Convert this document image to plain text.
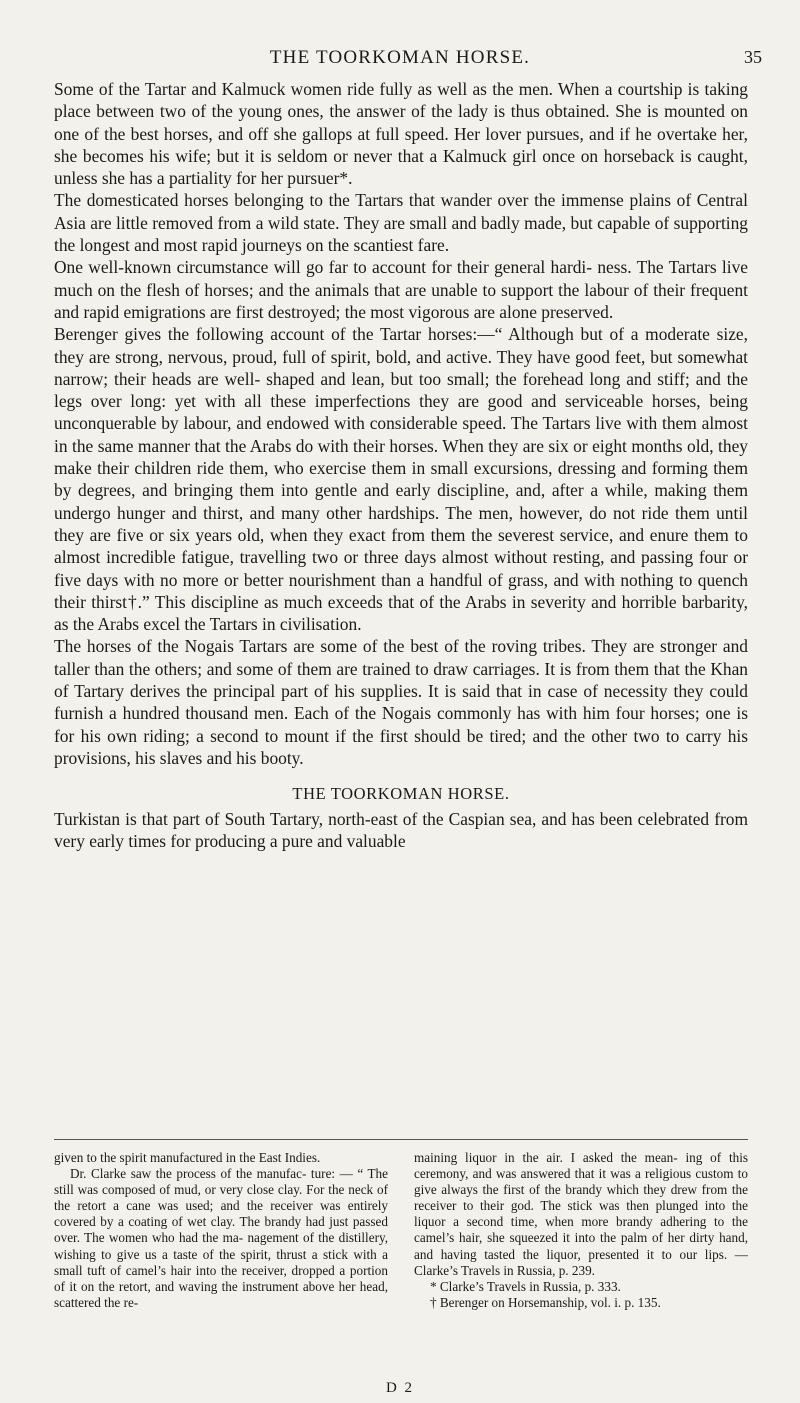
THE TOORKOMAN HORSE.	35

Some of the Tartar and Kalmuck women ride fully as well as the men. When a courtship is taking place between two of the young ones, the answer of the lady is thus obtained. She is mounted on one of the best horses, and off she gallops at full speed. Her lover pursues, and if he overtake her, she becomes his wife; but it is seldom or never that a Kalmuck girl once on horseback is caught, unless she has a partiality for her pursuer*.

The domesticated horses belonging to the Tartars that wander over the immense plains of Central Asia are little removed from a wild state. They are small and badly made, but capable of supporting the longest and most rapid journeys on the scantiest fare.

One well-known circumstance will go far to account for their general hardi- ness. The Tartars live much on the flesh of horses; and the animals that are unable to support the labour of their frequent and rapid emigrations are first destroyed; the most vigorous are alone preserved.

Berenger gives the following account of the Tartar horses:—“ Although but of a moderate size, they are strong, nervous, proud, full of spirit, bold, and active. They have good feet, but somewhat narrow; their heads are well- shaped and lean, but too small; the forehead long and stiff; and the legs over long: yet with all these imperfections they are good and serviceable horses, being unconquerable by labour, and endowed with considerable speed. The Tartars live with them almost in the same manner that the Arabs do with their horses. When they are six or eight months old, they make their children ride them, who exercise them in small excursions, dressing and forming them by degrees, and bringing them into gentle and early discipline, and, after a while, making them undergo hunger and thirst, and many other hardships. The men, however, do not ride them until they are five or six years old, when they exact from them the severest service, and enure them to almost incredible fatigue, travelling two or three days almost without resting, and passing four or five days with no more or better nourishment than a handful of grass, and with nothing to quench their thirst†.” This discipline as much exceeds that of the Arabs in severity and horrible barbarity, as the Arabs excel the Tartars in civilisation.

The horses of the Nogais Tartars are some of the best of the roving tribes. They are stronger and taller than the others; and some of them are trained to draw carriages. It is from them that the Khan of Tartary derives the principal part of his supplies. It is said that in case of necessity they could furnish a hundred thousand men. Each of the Nogais commonly has with him four horses; one is for his own riding; a second to mount if the first should be tired; and the other two to carry his provisions, his slaves and his booty.

THE TOORKOMAN HORSE.

Turkistan is that part of South Tartary, north-east of the Caspian sea, and has been celebrated from very early times for producing a pure and valuable

given to the spirit manufactured in the East Indies.

Dr. Clarke saw the process of the manufac- ture: — “ The still was composed of mud, or very close clay. For the neck of the retort a cane was used; and the receiver was entirely covered by a coating of wet clay. The brandy had just passed over. The women who had the ma- nagement of the distillery, wishing to give us a taste of the spirit, thrust a stick with a small tuft of camel’s hair into the receiver, dropped a portion of it on the retort, and waving the instrument above her head, scattered the re-

maining liquor in the air. I asked the mean- ing of this ceremony, and was answered that it was a religious custom to give always the first of the brandy which they drew from the receiver to their god. The stick was then plunged into the liquor a second time, when more brandy adhering to the camel’s hair, she squeezed it into the palm of her dirty hand, and having tasted the liquor, presented it to our lips. —Clarke’s Travels in Russia, p. 239.

* Clarke’s Travels in Russia, p. 333.

† Berenger on Horsemanship, vol. i. p. 135.

D 2
